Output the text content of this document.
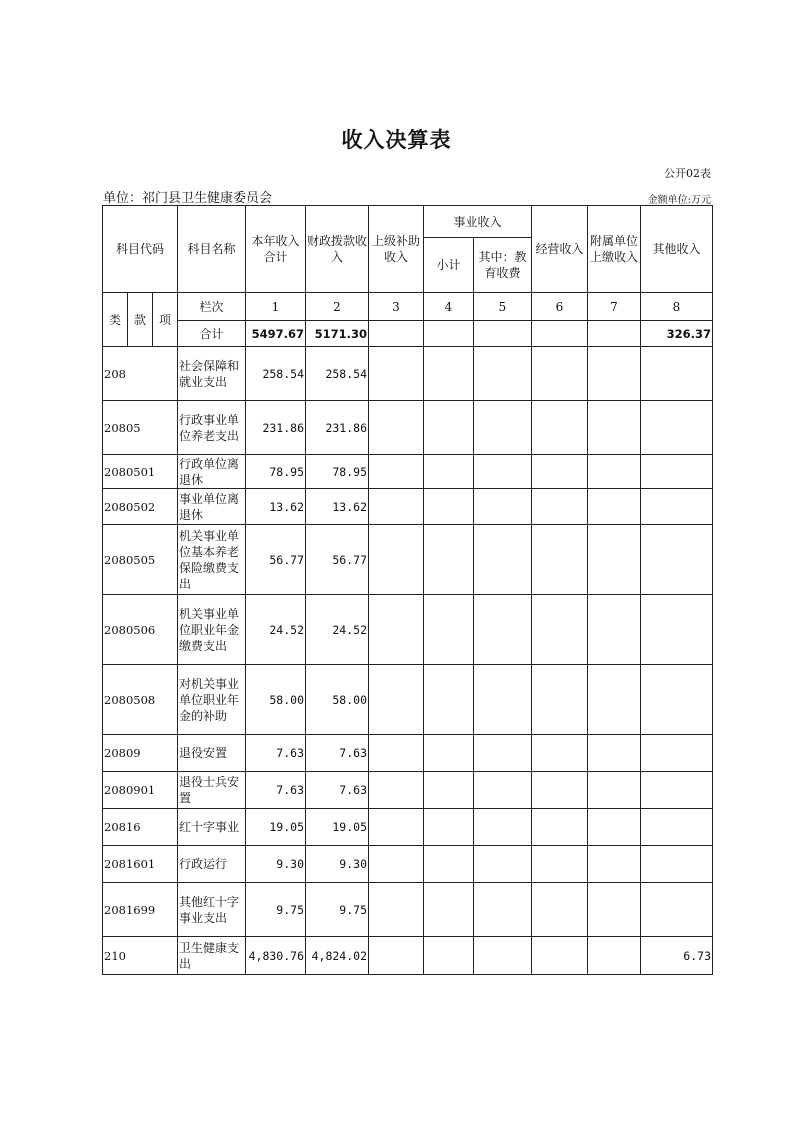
收入决算表
公开02表
单位：祁门县卫生健康委员会	金额单位:万元
科目代码			科目名称	本年收入合计	财政拨款收入	上级补助收入	事业收入		经营收入	附属单位上缴收入	其他收入
							小计	其中：教育收费			
类	款	项	栏次	1	2	3	4	5	6	7	8
			合计	5497.67	5171.30						326.37
208			社会保障和就业支出	258.54	258.54						
20805			行政事业单位养老支出	231.86	231.86						
2080501			行政单位离退休	78.95	78.95						
2080502			事业单位离退休	13.62	13.62						
2080505			机关事业单位基本养老保险缴费支出	56.77	56.77						
2080506			机关事业单位职业年金缴费支出	24.52	24.52						
2080508			对机关事业单位职业年金的补助	58.00	58.00						
20809			退役安置	7.63	7.63						
2080901			退役士兵安置	7.63	7.63						
20816			红十字事业	19.05	19.05						
2081601			行政运行	9.30	9.30						
2081699			其他红十字事业支出	9.75	9.75						
210			卫生健康支出	4,830.76	4,824.02						6.73
